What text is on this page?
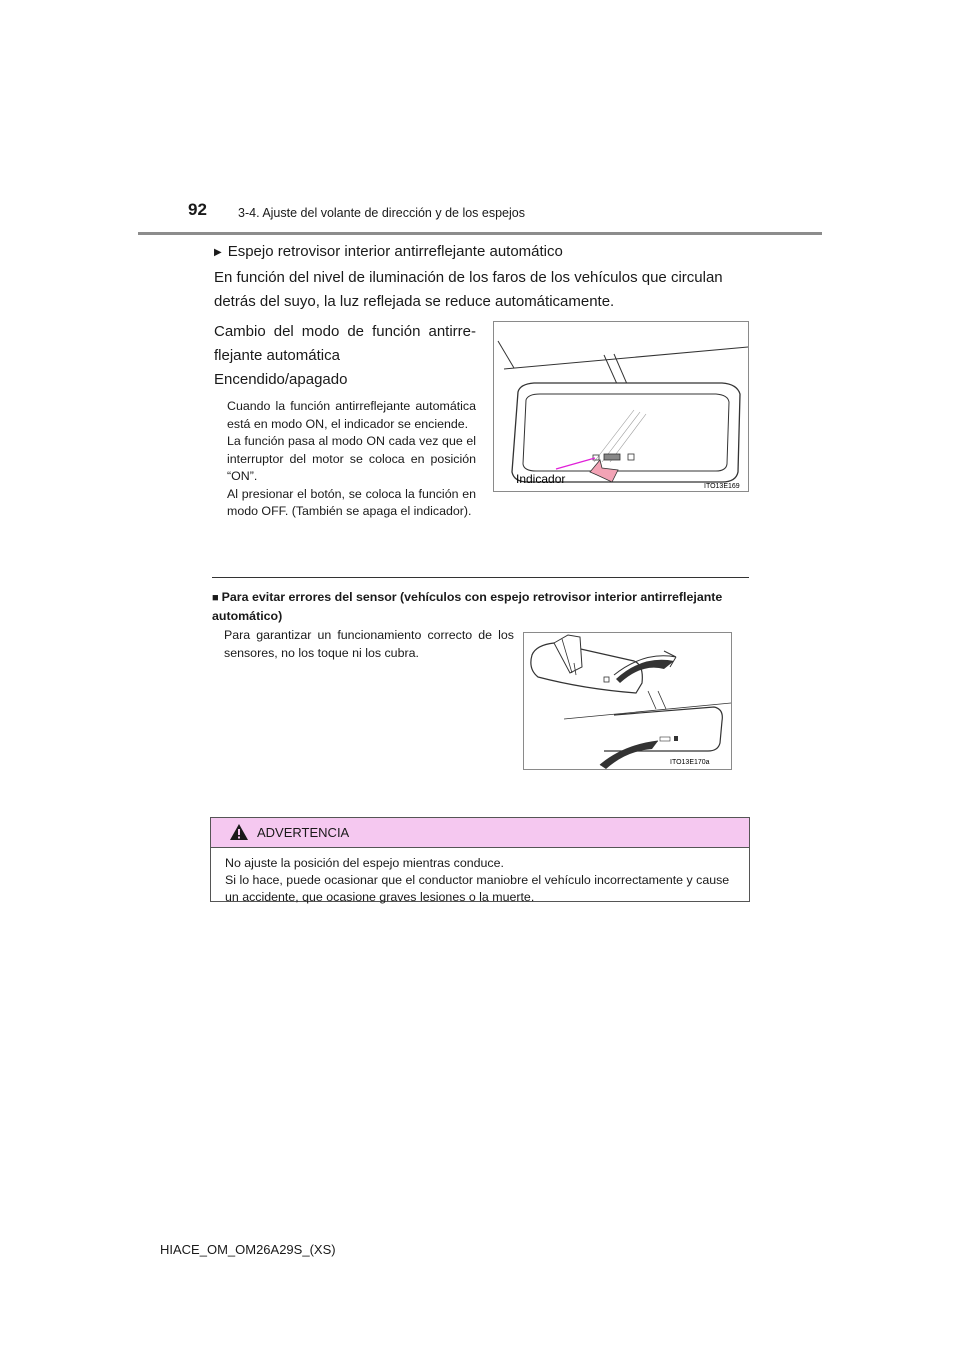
92 3-4. Ajuste del volante de dirección y de los espejos
▶ Espejo retrovisor interior antirreflejante automático
En función del nivel de iluminación de los faros de los vehículos que circulan detrás del suyo, la luz reflejada se reduce automáticamente.

Cambio del modo de función antirreflejante automática

Encendido/apagado

Cuando la función antirreflejante automática está en modo ON, el indicador se enciende.

La función pasa al modo ON cada vez que el interruptor del motor se coloca en posición “ON”.

Al presionar el botón, se coloca la función en modo OFF. (También se apaga el indicador).

Indicador
ITO13E169
■ Para evitar errores del sensor (vehículos con espejo retrovisor interior antirreflejante automático)
Para garantizar un funcionamiento correcto de los sensores, no los toque ni los cubra.
ITO13E170a
ADVERTENCIA

No ajuste la posición del espejo mientras conduce.

Si lo hace, puede ocasionar que el conductor maniobre el vehículo incorrectamente y cause un accidente, que ocasione graves lesiones o la muerte.

HIACE_OM_OM26A29S_(XS)
